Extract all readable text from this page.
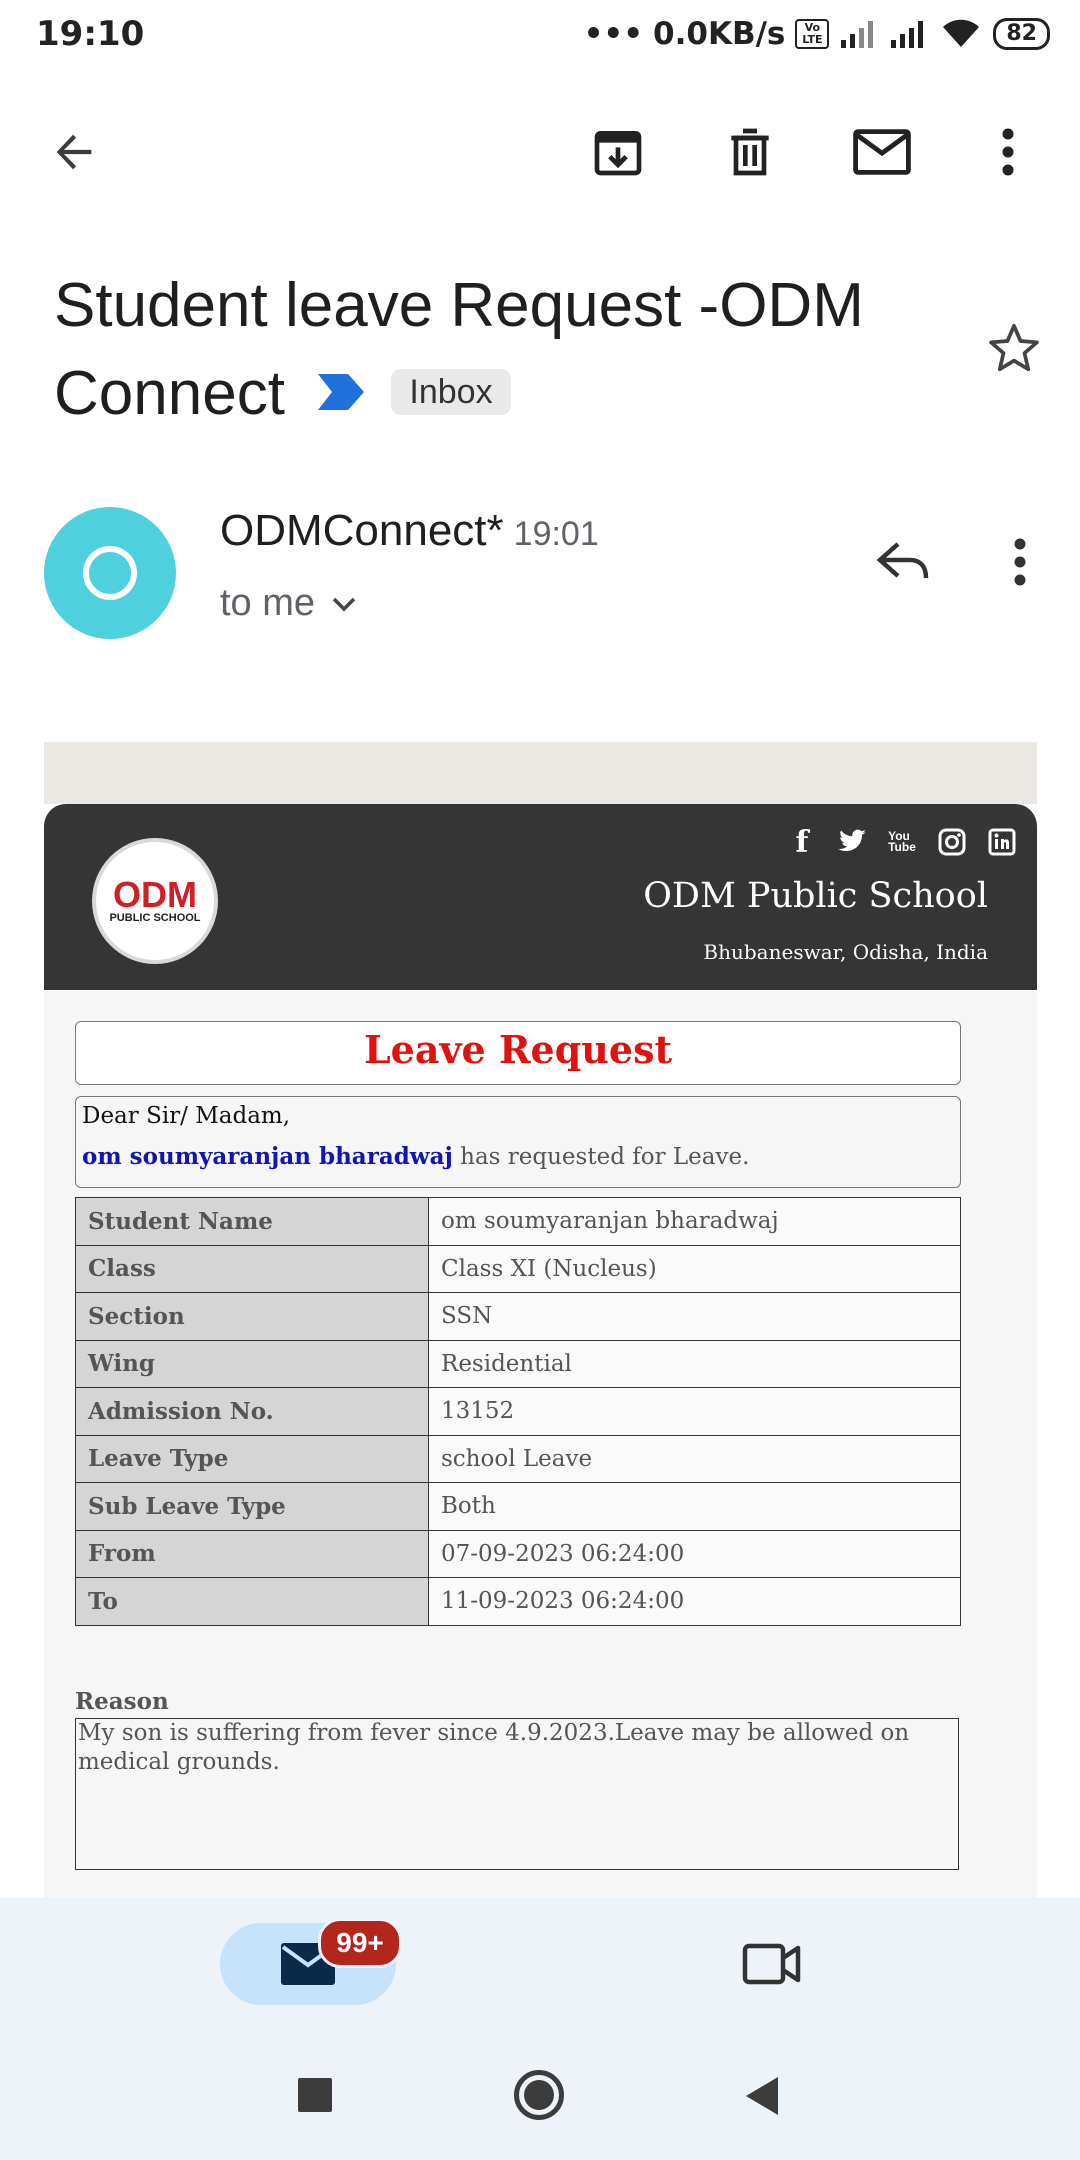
19:10	••• 0.0KB/s	Vo LTE	82
Student leave Request -ODM
Connect	Inbox
ODMConnect* 19:01
to me
ODM
PUBLIC SCHOOL
f	You
Tube
ODM Public School
Bhubaneswar, Odisha, India
Leave Request
Dear Sir/ Madam,
om soumyaranjan bharadwaj has requested for Leave.
Student Name	om soumyaranjan bharadwaj
Class	Class XI (Nucleus)
Section	SSN
Wing	Residential
Admission No.	13152
Leave Type	school Leave
Sub Leave Type	Both
From	07-09-2023 06:24:00
To	11-09-2023 06:24:00
Reason
My son is suffering from fever since 4.9.2023.Leave may be allowed on medical grounds.
99+
